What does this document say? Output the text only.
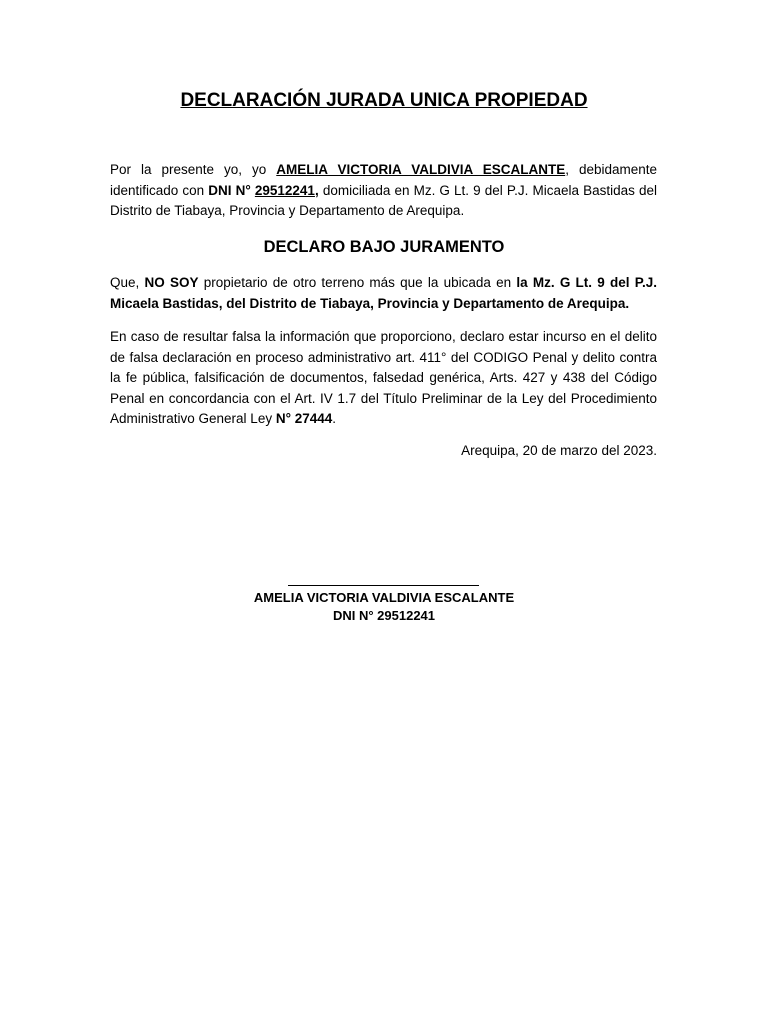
DECLARACIÓN JURADA UNICA PROPIEDAD
Por la presente yo, yo AMELIA VICTORIA VALDIVIA ESCALANTE, debidamente identificado con DNI N° 29512241, domiciliada en Mz. G Lt. 9 del P.J. Micaela Bastidas del Distrito de Tiabaya, Provincia y Departamento de Arequipa.
DECLARO BAJO JURAMENTO
Que, NO SOY propietario de otro terreno más que la ubicada en la Mz. G Lt. 9 del P.J. Micaela Bastidas, del Distrito de Tiabaya, Provincia y Departamento de Arequipa.
En caso de resultar falsa la información que proporciono, declaro estar incurso en el delito de falsa declaración en proceso administrativo art. 411° del CODIGO Penal y delito contra la fe pública, falsificación de documentos, falsedad genérica, Arts. 427 y 438 del Código Penal en concordancia con el Art. IV 1.7 del Título Preliminar de la Ley del Procedimiento Administrativo General Ley N° 27444.
Arequipa, 20 de marzo del 2023.
AMELIA VICTORIA VALDIVIA ESCALANTE
DNI N° 29512241
